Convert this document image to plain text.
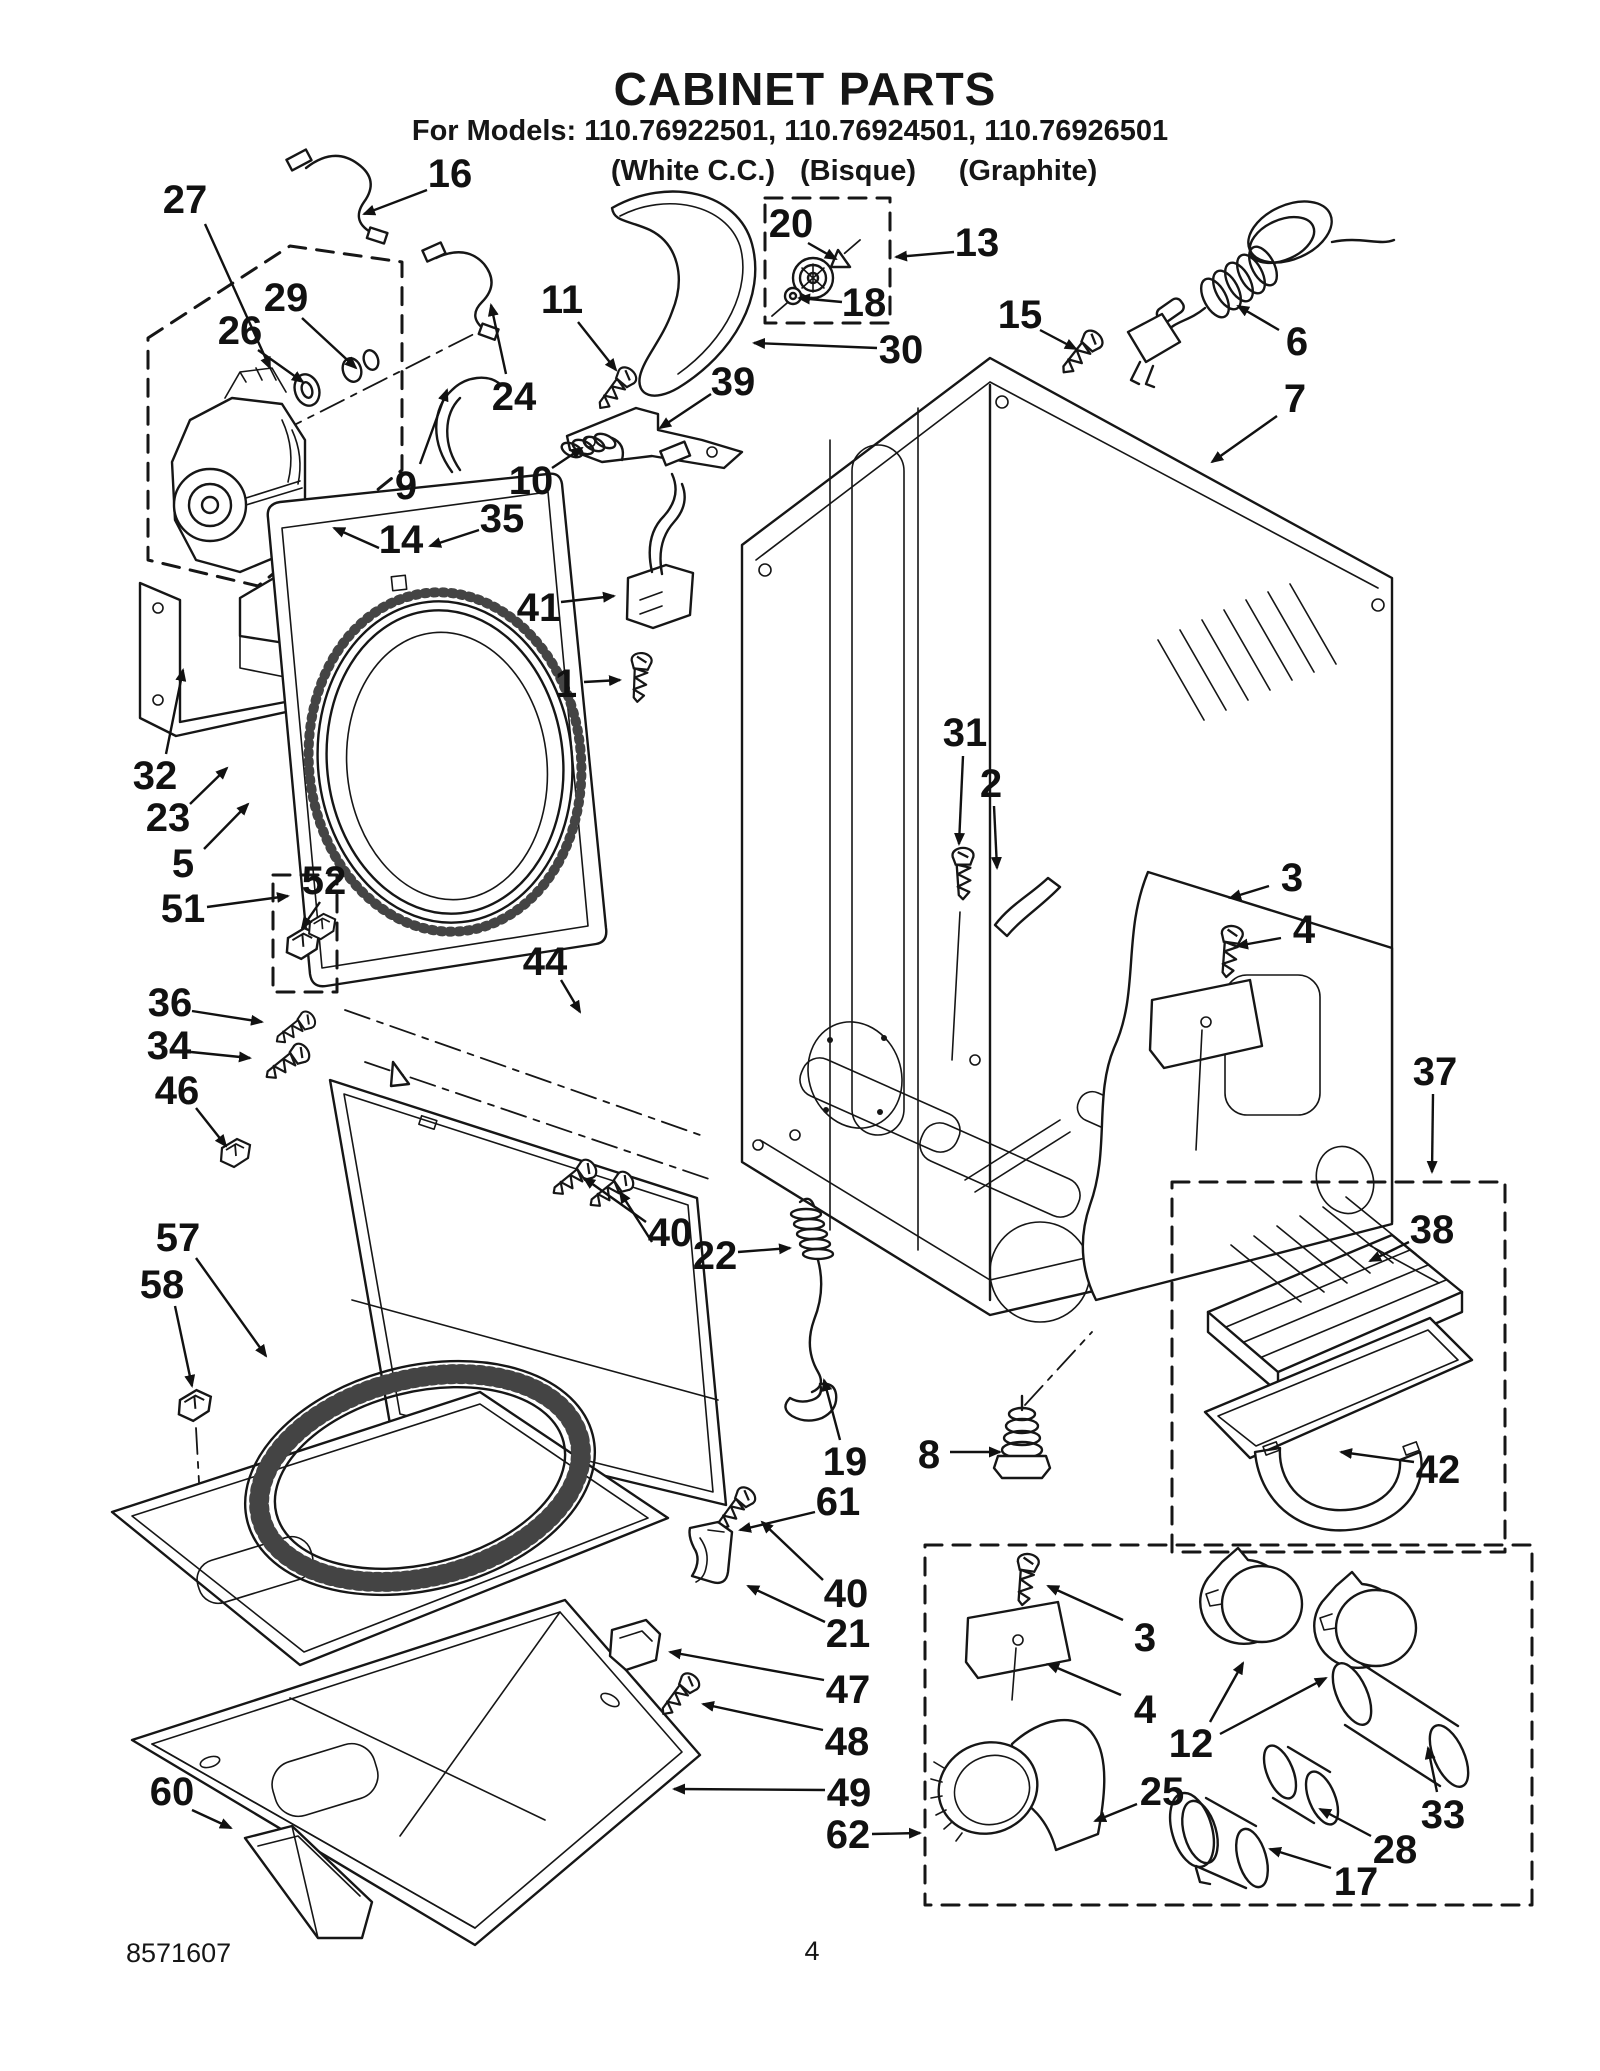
CABINET PARTS
For Models: 110.76922501, 110.76924501, 110.76926501
(White C.C.) (Bisque) (Graphite)
27
16
11
20	13
15
6
7
29
26
24
18
30
39
9 10
14 35
41
1
32
23
5	52
51
31
2
3
4
44
36
34
46	37
38
42
57
58
40
22
19 8
61
40
21
47
48
49
62
3
4
12
25
33
28
17
60
8571607	4
